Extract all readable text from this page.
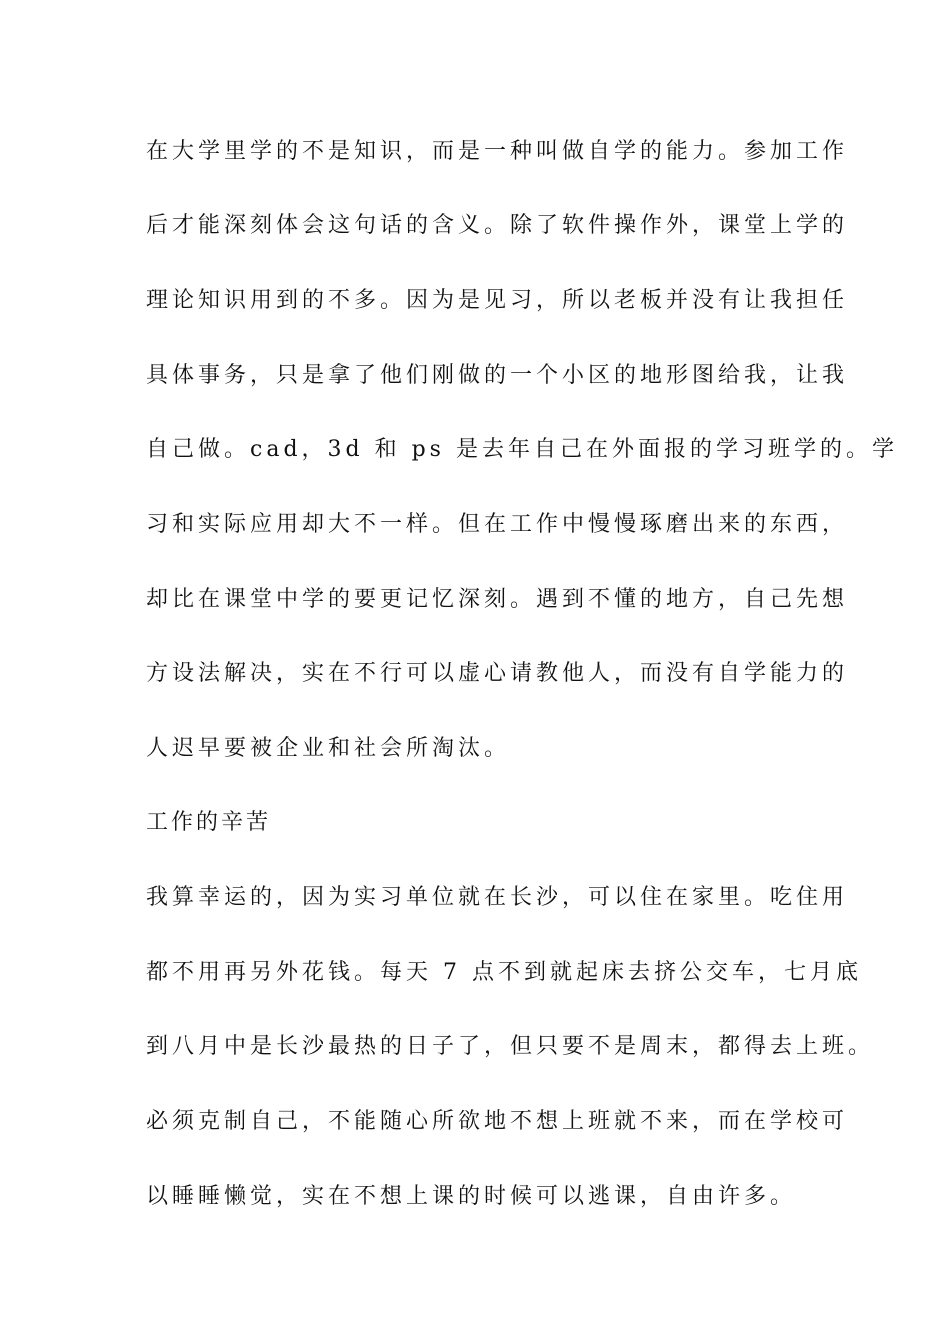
在大学里学的不是知识，而是一种叫做自学的能力。参加工作
后才能深刻体会这句话的含义。除了软件操作外，课堂上学的
理论知识用到的不多。因为是见习，所以老板并没有让我担任
具体事务，只是拿了他们刚做的一个小区的地形图给我，让我
自己做。cad，3d 和 ps 是去年自己在外面报的学习班学的。学
习和实际应用却大不一样。但在工作中慢慢琢磨出来的东西，
却比在课堂中学的要更记忆深刻。遇到不懂的地方，自己先想
方设法解决，实在不行可以虚心请教他人，而没有自学能力的
人迟早要被企业和社会所淘汰。
工作的辛苦
我算幸运的，因为实习单位就在长沙，可以住在家里。吃住用
都不用再另外花钱。每天 7 点不到就起床去挤公交车，七月底
到八月中是长沙最热的日子了，但只要不是周末，都得去上班。
必须克制自己，不能随心所欲地不想上班就不来，而在学校可
以睡睡懒觉，实在不想上课的时候可以逃课，自由许多。
